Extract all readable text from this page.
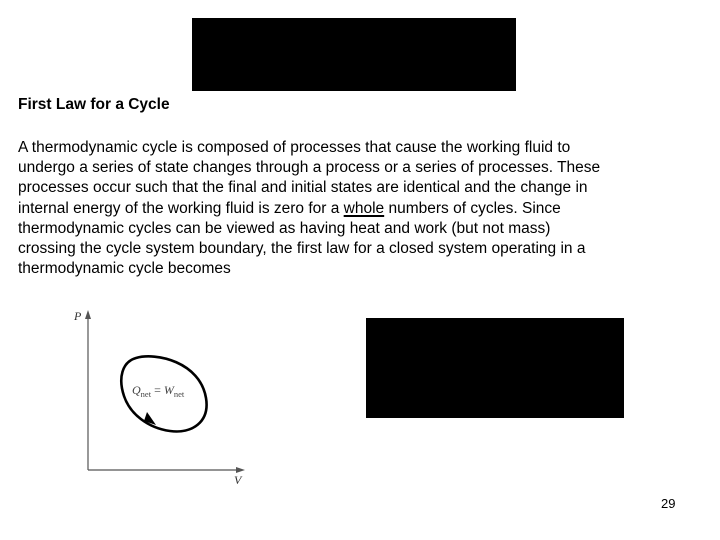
First Law for a Cycle
A thermodynamic cycle is composed of processes that cause the working fluid to
undergo a series of state changes through a process or a series of processes. These
processes occur such that the final and initial states are identical and the change in
internal energy of the working fluid is zero for a whole numbers of cycles. Since
thermodynamic cycles can be viewed as having heat and work (but not mass)
crossing the cycle system boundary, the first law for a closed system operating in a
thermodynamic cycle becomes
P
V
$Q_{net} = W_{net}$
29
